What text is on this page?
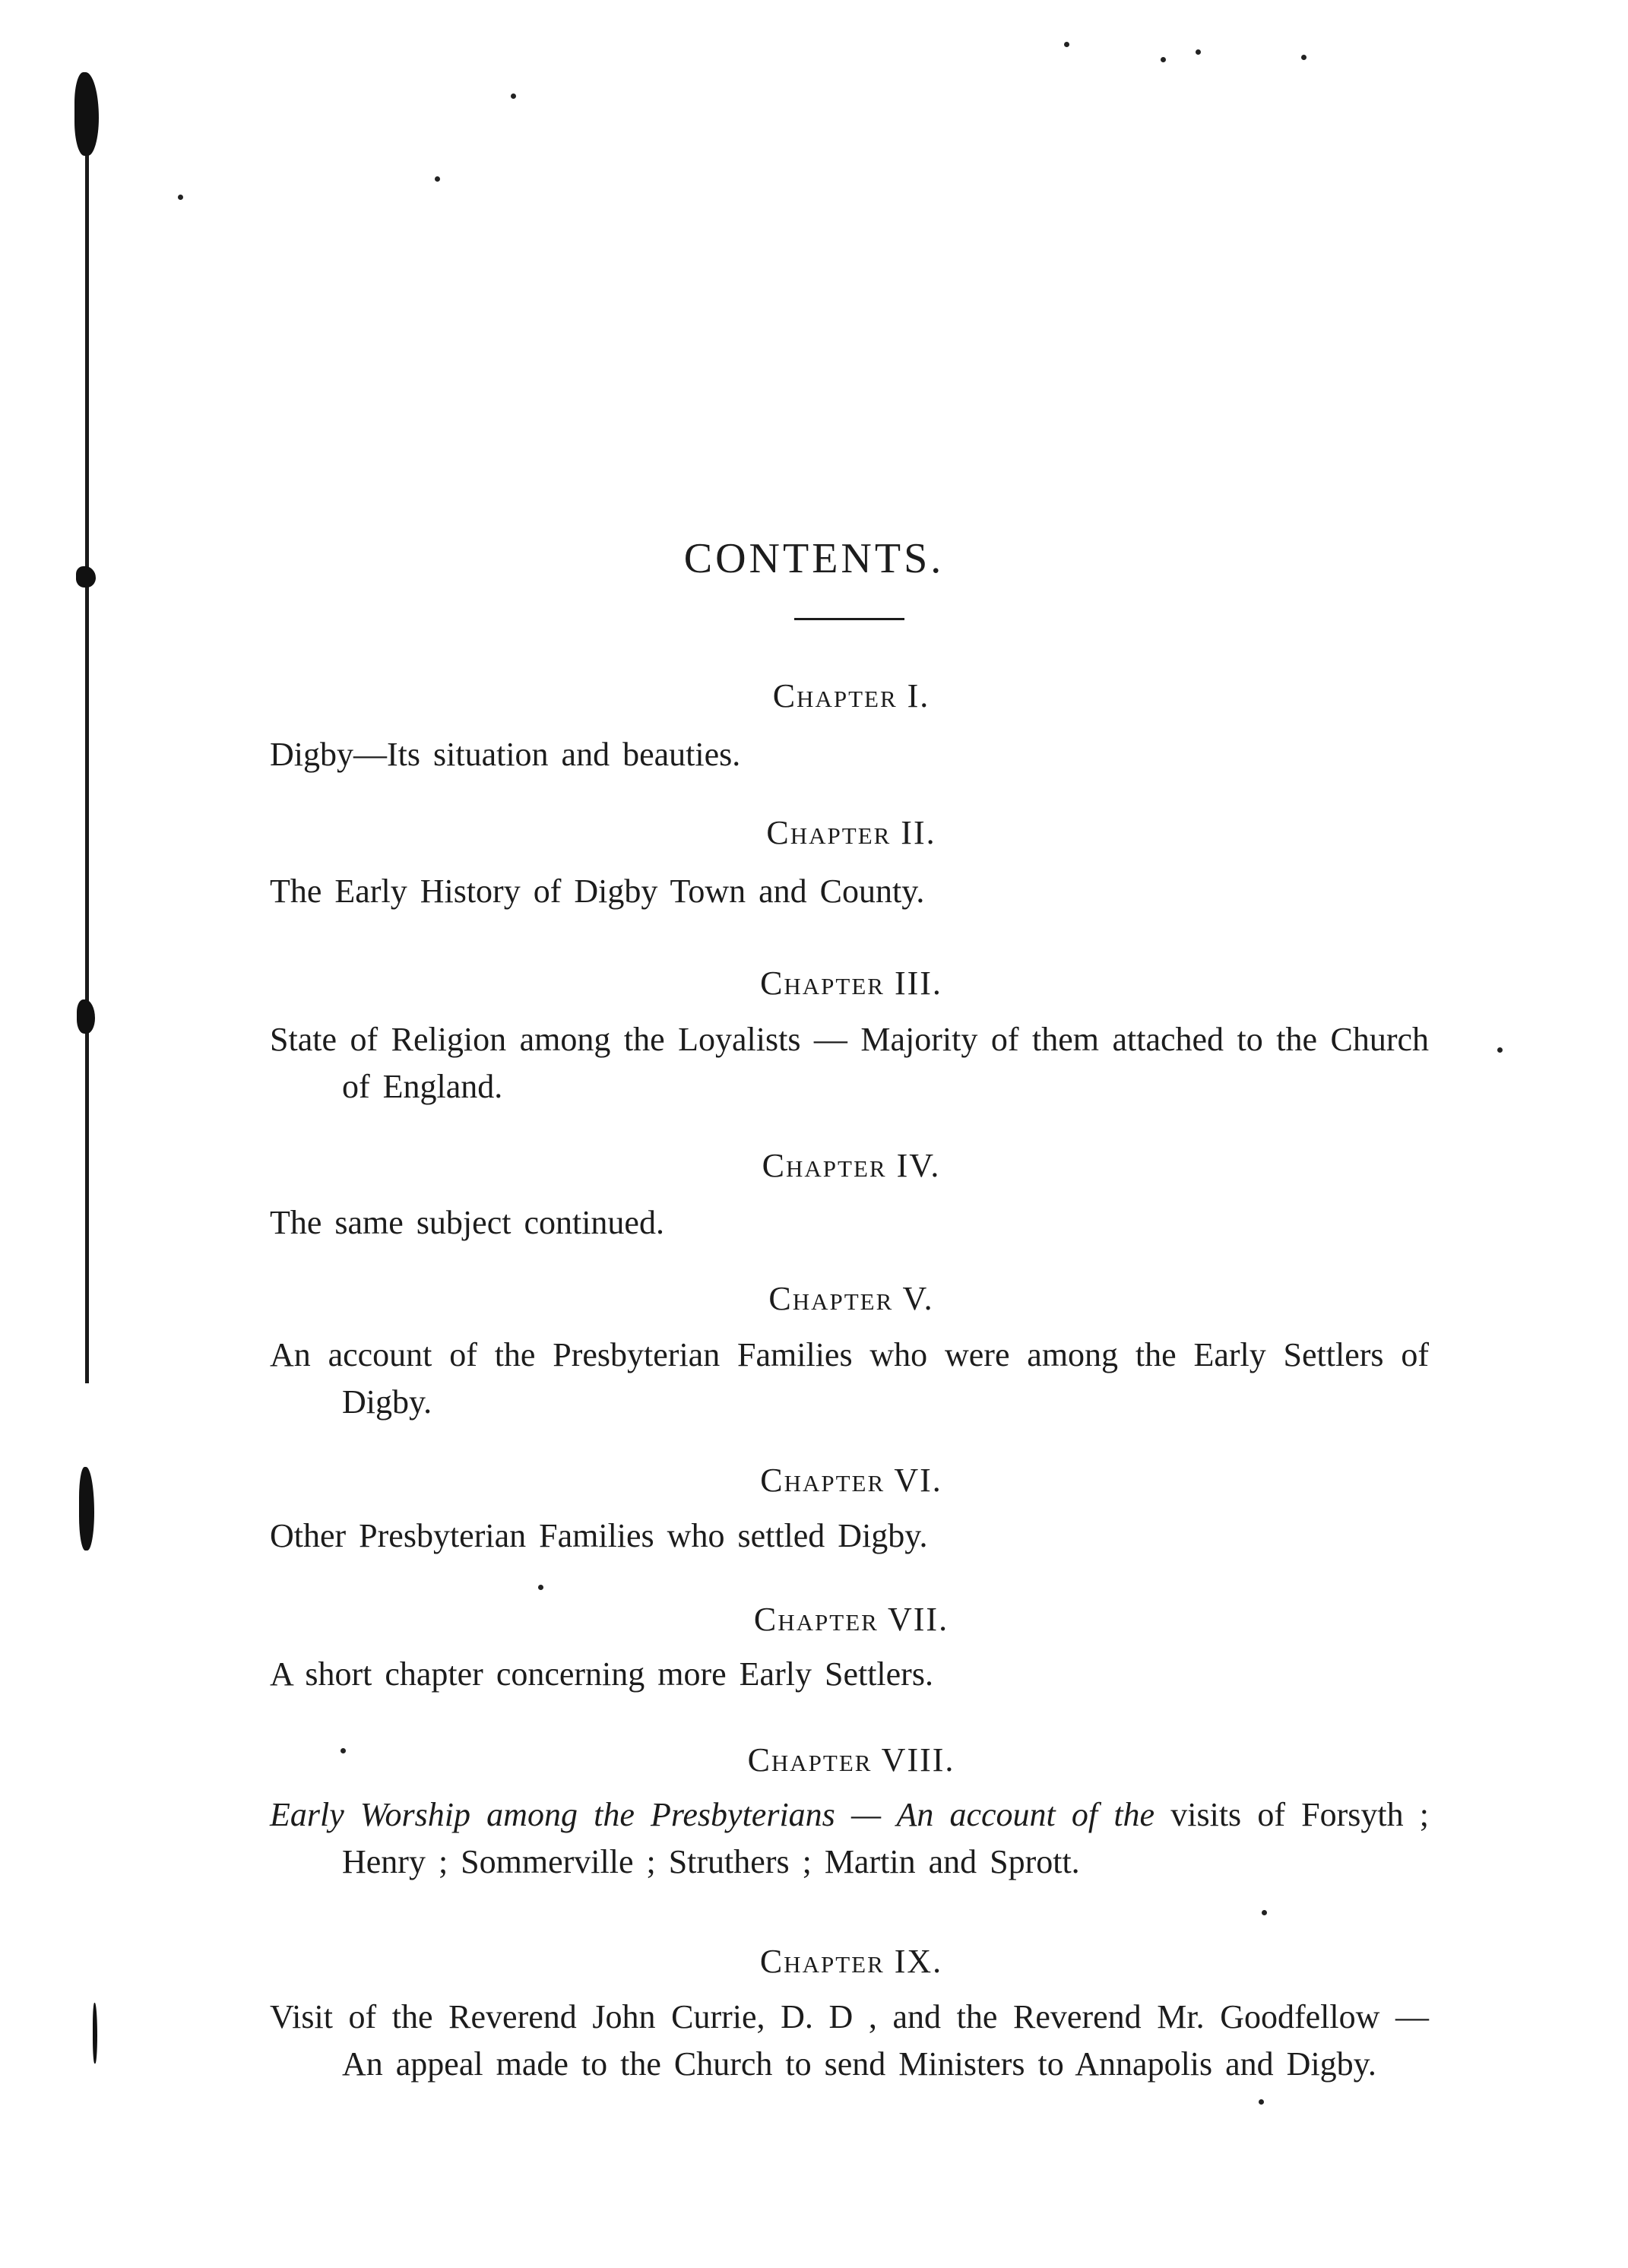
CONTENTS.
Chapter I.
Digby—Its situation and beauties.
Chapter II.
The Early History of Digby Town and County.
Chapter III.
State of Religion among the Loyalists — Majority of them attached to the Church of England.
Chapter IV.
The same subject continued.
Chapter V.
An account of the Presbyterian Families who were among the Early Settlers of Digby.
Chapter VI.
Other Presbyterian Families who settled Digby.
Chapter VII.
A short chapter concerning more Early Settlers.
Chapter VIII.
Early Worship among the Presbyterians — An account of the visits of Forsyth ; Henry ; Sommerville ; Struthers ; Martin and Sprott.
Chapter IX.
Visit of the Reverend John Currie, D. D , and the Reverend Mr. Goodfellow — An appeal made to the Church to send Ministers to Annapolis and Digby.
